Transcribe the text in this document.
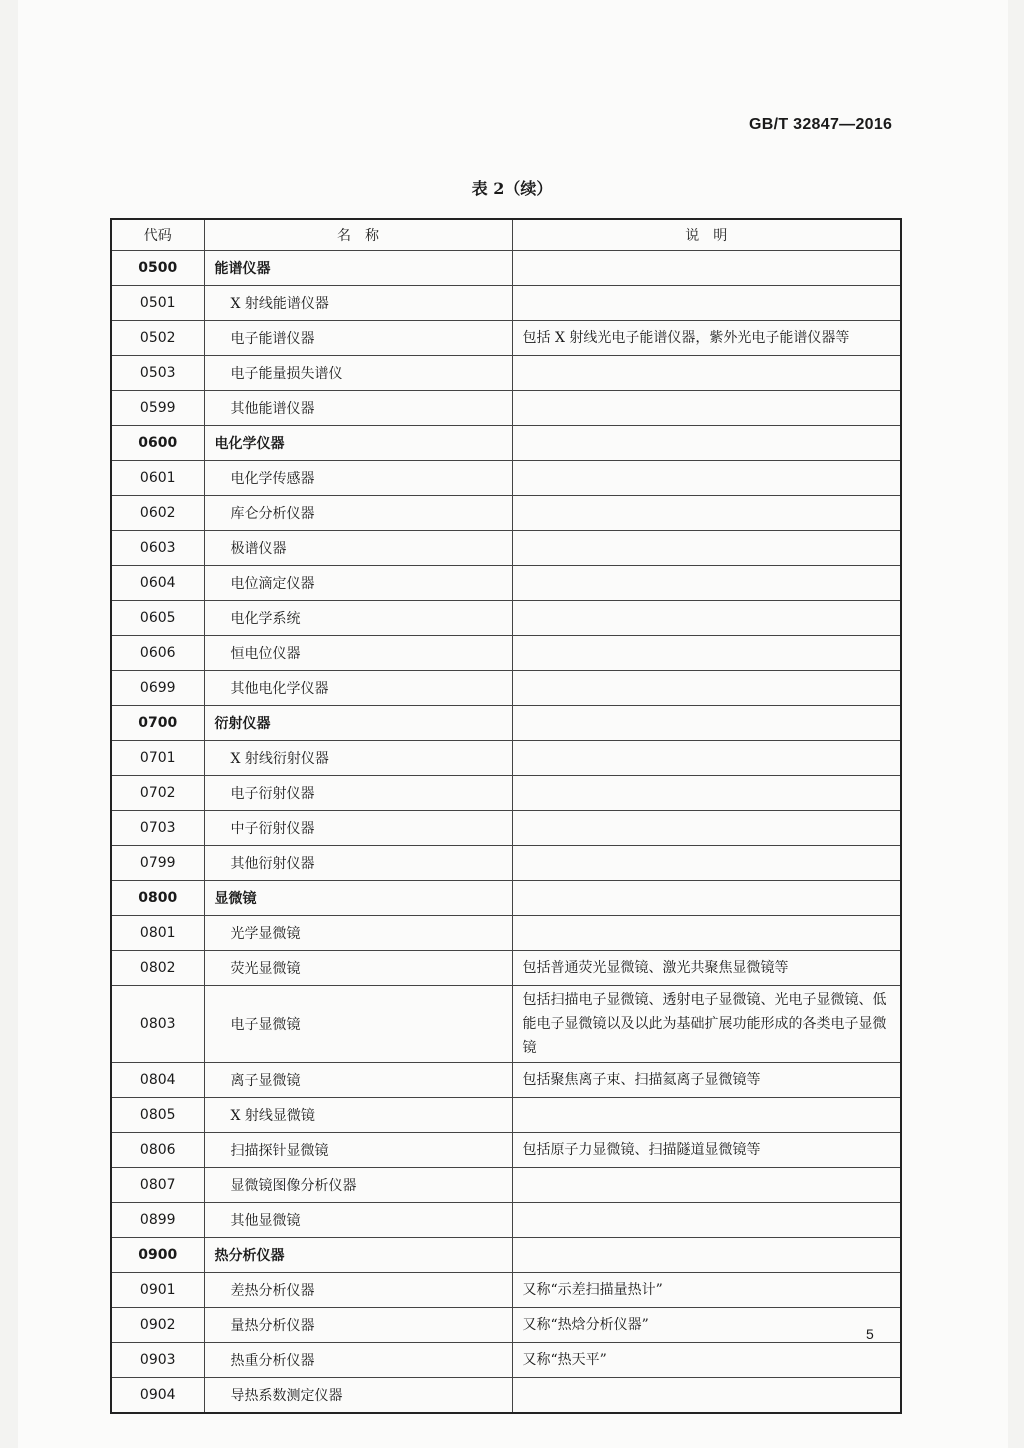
GB/T 32847—2016
表 2（续）
代码	名　称	说　明
0500	能谱仪器	
0501	X 射线能谱仪器	
0502	电子能谱仪器	包括 X 射线光电子能谱仪器，紫外光电子能谱仪器等
0503	电子能量损失谱仪	
0599	其他能谱仪器	
0600	电化学仪器	
0601	电化学传感器	
0602	库仑分析仪器	
0603	极谱仪器	
0604	电位滴定仪器	
0605	电化学系统	
0606	恒电位仪器	
0699	其他电化学仪器	
0700	衍射仪器	
0701	X 射线衍射仪器	
0702	电子衍射仪器	
0703	中子衍射仪器	
0799	其他衍射仪器	
0800	显微镜	
0801	光学显微镜	
0802	荧光显微镜	包括普通荧光显微镜、激光共聚焦显微镜等
0803	电子显微镜	包括扫描电子显微镜、透射电子显微镜、光电子显微镜、低能电子显微镜以及以此为基础扩展功能形成的各类电子显微镜
0804	离子显微镜	包括聚焦离子束、扫描氦离子显微镜等
0805	X 射线显微镜	
0806	扫描探针显微镜	包括原子力显微镜、扫描隧道显微镜等
0807	显微镜图像分析仪器	
0899	其他显微镜	
0900	热分析仪器	
0901	差热分析仪器	又称“示差扫描量热计”
0902	量热分析仪器	又称“热焓分析仪器”
0903	热重分析仪器	又称“热天平”
0904	导热系数测定仪器	
5
